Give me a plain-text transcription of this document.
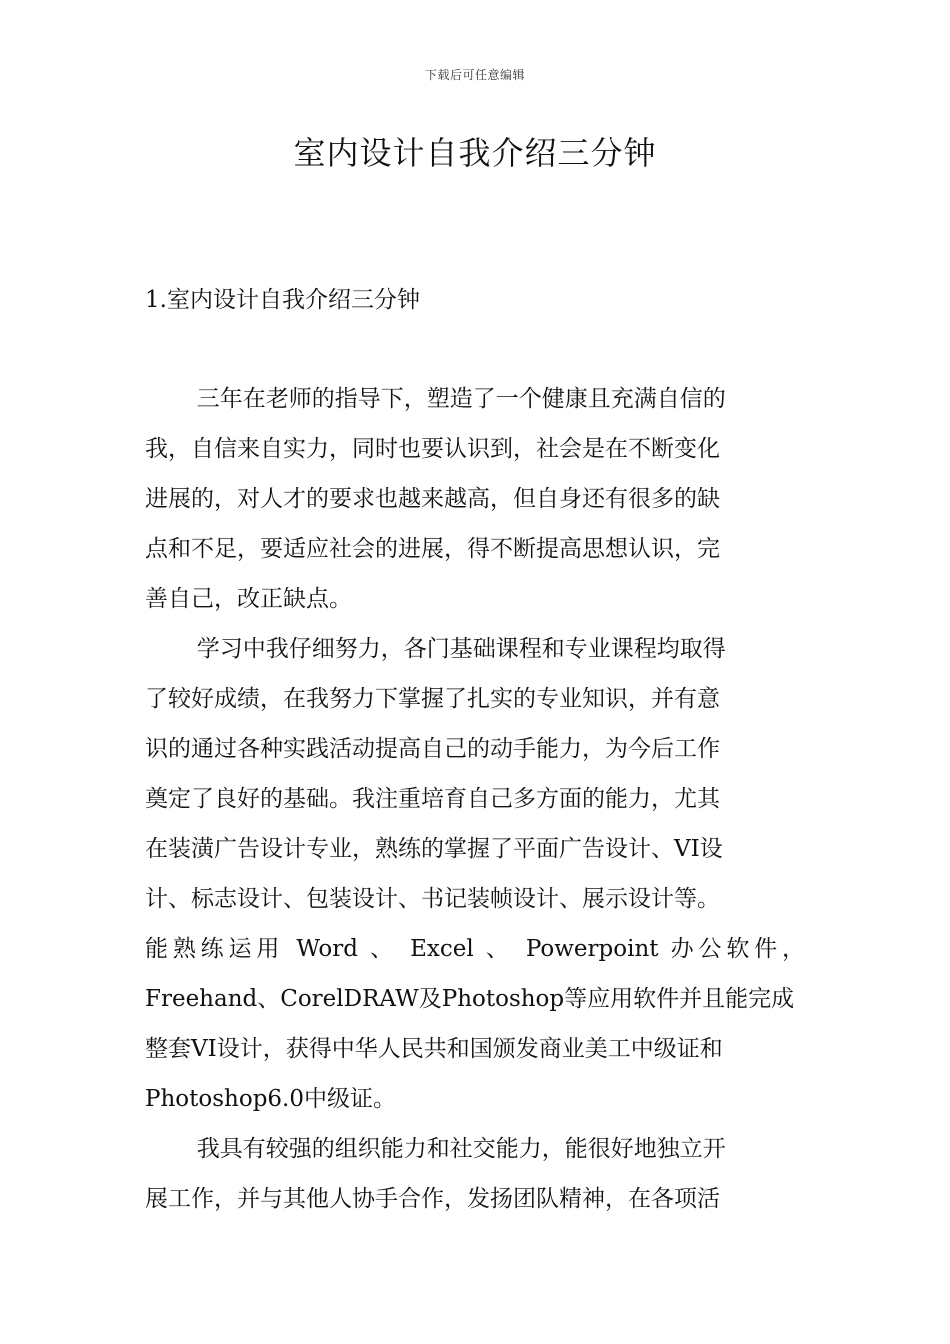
下载后可任意编辑
室内设计自我介绍三分钟
1.室内设计自我介绍三分钟

三年在老师的指导下，塑造了一个健康且充满自信的
我，自信来自实力，同时也要认识到，社会是在不断变化
进展的，对人才的要求也越来越高，但自身还有很多的缺
点和不足，要适应社会的进展，得不断提高思想认识，完
善自己，改正缺点。

学习中我仔细努力，各门基础课程和专业课程均取得
了较好成绩，在我努力下掌握了扎实的专业知识，并有意
识的通过各种实践活动提高自己的动手能力，为今后工作
奠定了良好的基础。我注重培育自己多方面的能力，尤其
在装潢广告设计专业，熟练的掌握了平面广告设计、VI设
计、标志设计、包装设计、书记装帧设计、展示设计等。
能熟练运用 Word 、 Excel 、 Powerpoint 办公软件，
Freehand、CorelDRAW及Photoshop等应用软件并且能完成
整套VI设计，获得中华人民共和国颁发商业美工中级证和
Photoshop6.0中级证。

我具有较强的组织能力和社交能力，能很好地独立开
展工作，并与其他人协手合作，发扬团队精神，在各项活
